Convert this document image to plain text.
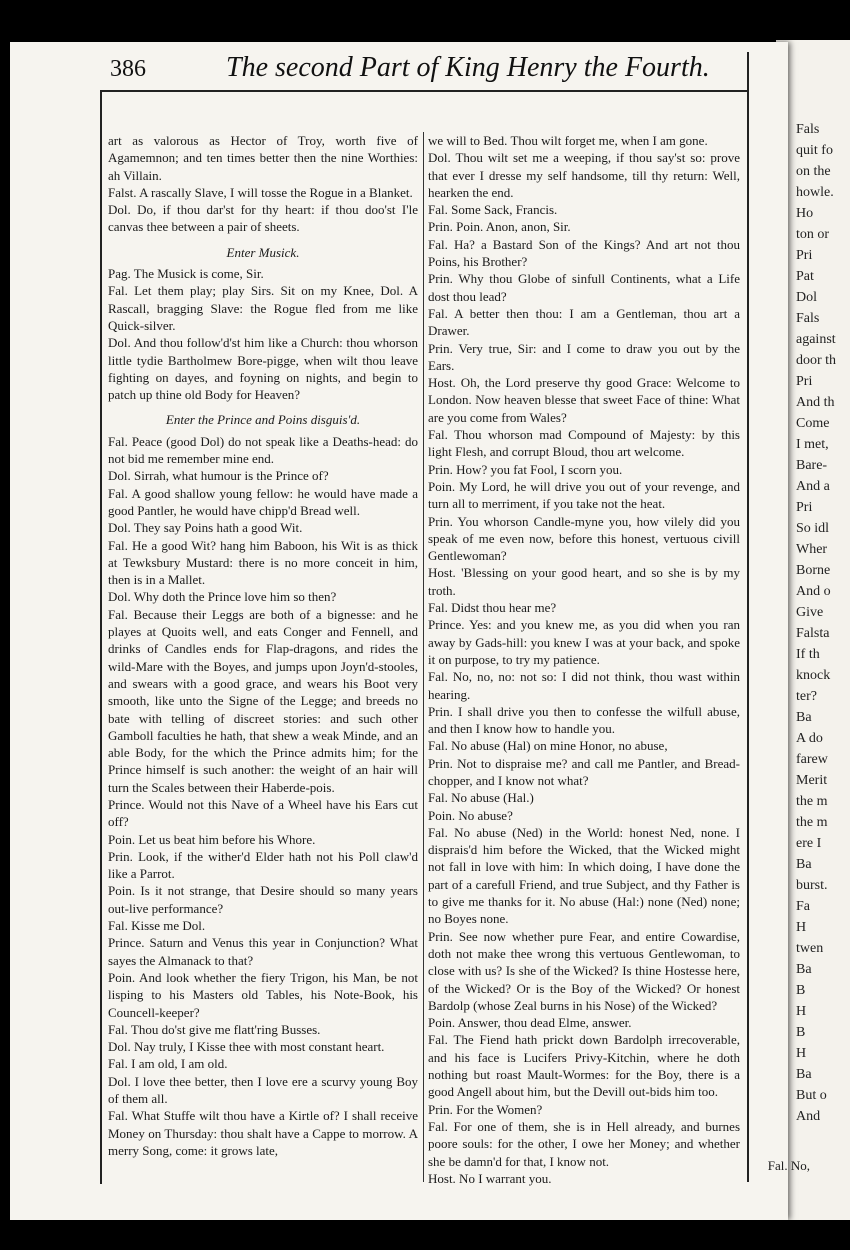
Fals
quit fo
on the
howle.
Ho
ton or
Pri
Pat
Dol
Fals
against
door th
Pri
And th
Come
I met,
Bare-
And a
Pri
So idl
Wher
Borne
And o
Give
Falsta
If th
knock
ter?
Ba
A do
farew
Merit
the m
the m
ere I
Ba
burst.
Fa
H
twen
Ba
B
H
B
H
Ba
But o
And
386	The second Part of King Henry the Fourth.

art as valorous as Hector of Troy, worth five of Agamemnon; and ten times better then the nine Worthies: ah Villain.

Falst. A rascally Slave, I will tosse the Rogue in a Blanket.

Dol. Do, if thou dar'st for thy heart: if thou doo'st I'le canvas thee between a pair of sheets.

Enter Musick.

Pag. The Musick is come, Sir.

Fal. Let them play; play Sirs. Sit on my Knee, Dol. A Rascall, bragging Slave: the Rogue fled from me like Quick-silver.

Dol. And thou follow'd'st him like a Church: thou whorson little tydie Bartholmew Bore-pigge, when wilt thou leave fighting on dayes, and foyning on nights, and begin to patch up thine old Body for Heaven?

Enter the Prince and Poins disguis'd.

Fal. Peace (good Dol) do not speak like a Deaths-head: do not bid me remember mine end.

Dol. Sirrah, what humour is the Prince of?

Fal. A good shallow young fellow: he would have made a good Pantler, he would have chipp'd Bread well.

Dol. They say Poins hath a good Wit.

Fal. He a good Wit? hang him Baboon, his Wit is as thick at Tewksbury Mustard: there is no more conceit in him, then is in a Mallet.

Dol. Why doth the Prince love him so then?

Fal. Because their Leggs are both of a bignesse: and he playes at Quoits well, and eats Conger and Fennell, and drinks of Candles ends for Flap-dragons, and rides the wild-Mare with the Boyes, and jumps upon Joyn'd-stooles, and swears with a good grace, and wears his Boot very smooth, like unto the Signe of the Legge; and breeds no bate with telling of discreet stories: and such other Gamboll faculties he hath, that shew a weak Minde, and an able Body, for the which the Prince admits him; for the Prince himself is such another: the weight of an hair will turn the Scales between their Haberde-pois.

Prince. Would not this Nave of a Wheel have his Ears cut off?

Poin. Let us beat him before his Whore.

Prin. Look, if the wither'd Elder hath not his Poll claw'd like a Parrot.

Poin. Is it not strange, that Desire should so many years out-live performance?

Fal. Kisse me Dol.

Prince. Saturn and Venus this year in Conjunction? What sayes the Almanack to that?

Poin. And look whether the fiery Trigon, his Man, be not lisping to his Masters old Tables, his Note-Book, his Councell-keeper?

Fal. Thou do'st give me flatt'ring Busses.

Dol. Nay truly, I Kisse thee with most constant heart.

Fal. I am old, I am old.

Dol. I love thee better, then I love ere a scurvy young Boy of them all.

Fal. What Stuffe wilt thou have a Kirtle of? I shall receive Money on Thursday: thou shalt have a Cappe to morrow. A merry Song, come: it grows late,

we will to Bed. Thou wilt forget me, when I am gone.

Dol. Thou wilt set me a weeping, if thou say'st so: prove that ever I dresse my self handsome, till thy return: Well, hearken the end.

Fal. Some Sack, Francis.

Prin. Poin. Anon, anon, Sir.

Fal. Ha? a Bastard Son of the Kings? And art not thou Poins, his Brother?

Prin. Why thou Globe of sinfull Continents, what a Life dost thou lead?

Fal. A better then thou: I am a Gentleman, thou art a Drawer.

Prin. Very true, Sir: and I come to draw you out by the Ears.

Host. Oh, the Lord preserve thy good Grace: Welcome to London. Now heaven blesse that sweet Face of thine: What are you come from Wales?

Fal. Thou whorson mad Compound of Majesty: by this light Flesh, and corrupt Bloud, thou art welcome.

Prin. How? you fat Fool, I scorn you.

Poin. My Lord, he will drive you out of your revenge, and turn all to merriment, if you take not the heat.

Prin. You whorson Candle-myne you, how vilely did you speak of me even now, before this honest, vertuous civill Gentlewoman?

Host. 'Blessing on your good heart, and so she is by my troth.

Fal. Didst thou hear me?

Prince. Yes: and you knew me, as you did when you ran away by Gads-hill: you knew I was at your back, and spoke it on purpose, to try my patience.

Fal. No, no, no: not so: I did not think, thou wast within hearing.

Prin. I shall drive you then to confesse the wilfull abuse, and then I know how to handle you.

Fal. No abuse (Hal) on mine Honor, no abuse,

Prin. Not to dispraise me? and call me Pantler, and Bread-chopper, and I know not what?

Fal. No abuse (Hal.)

Poin. No abuse?

Fal. No abuse (Ned) in the World: honest Ned, none. I disprais'd him before the Wicked, that the Wicked might not fall in love with him: In which doing, I have done the part of a carefull Friend, and true Subject, and thy Father is to give me thanks for it. No abuse (Hal:) none (Ned) none; no Boyes none.

Prin. See now whether pure Fear, and entire Cowardise, doth not make thee wrong this vertuous Gentlewoman, to close with us? Is she of the Wicked? Is thine Hostesse here, of the Wicked? Or is the Boy of the Wicked? Or honest Bardolp (whose Zeal burns in his Nose) of the Wicked?

Poin. Answer, thou dead Elme, answer.

Fal. The Fiend hath prickt down Bardolph irrecoverable, and his face is Lucifers Privy-Kitchin, where he doth nothing but roast Mault-Wormes: for the Boy, there is a good Angell about him, but the Devill out-bids him too.

Prin. For the Women?

Fal. For one of them, she is in Hell already, and burnes poore souls: for the other, I owe her Money; and whether she be damn'd for that, I know not.

Host. No I warrant you.

Fal. No,
